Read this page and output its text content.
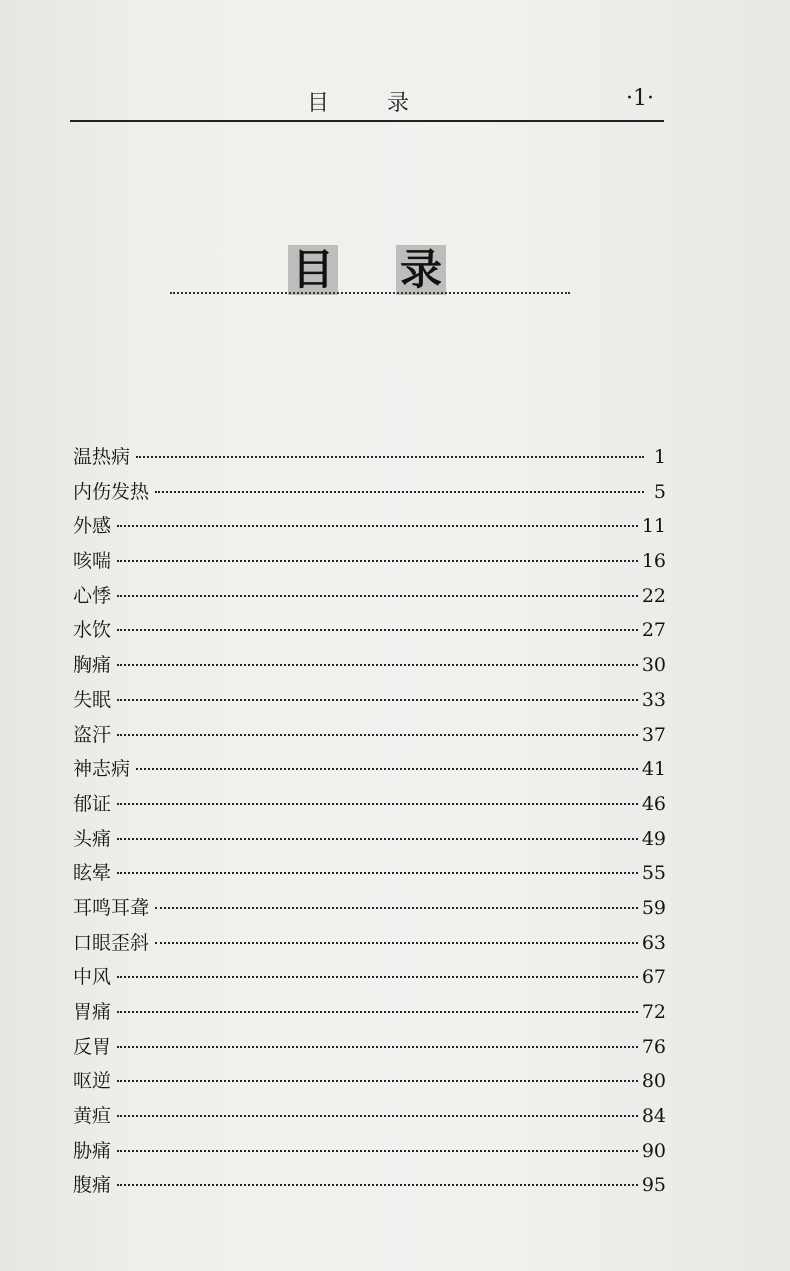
目　录	·1·
目 录
温热病	1
内伤发热	5
外感	11
咳喘	16
心悸	22
水饮	27
胸痛	30
失眠	33
盗汗	37
神志病	41
郁证	46
头痛	49
眩晕	55
耳鸣耳聋	59
口眼歪斜	63
中风	67
胃痛	72
反胃	76
呕逆	80
黄疸	84
胁痛	90
腹痛	95
